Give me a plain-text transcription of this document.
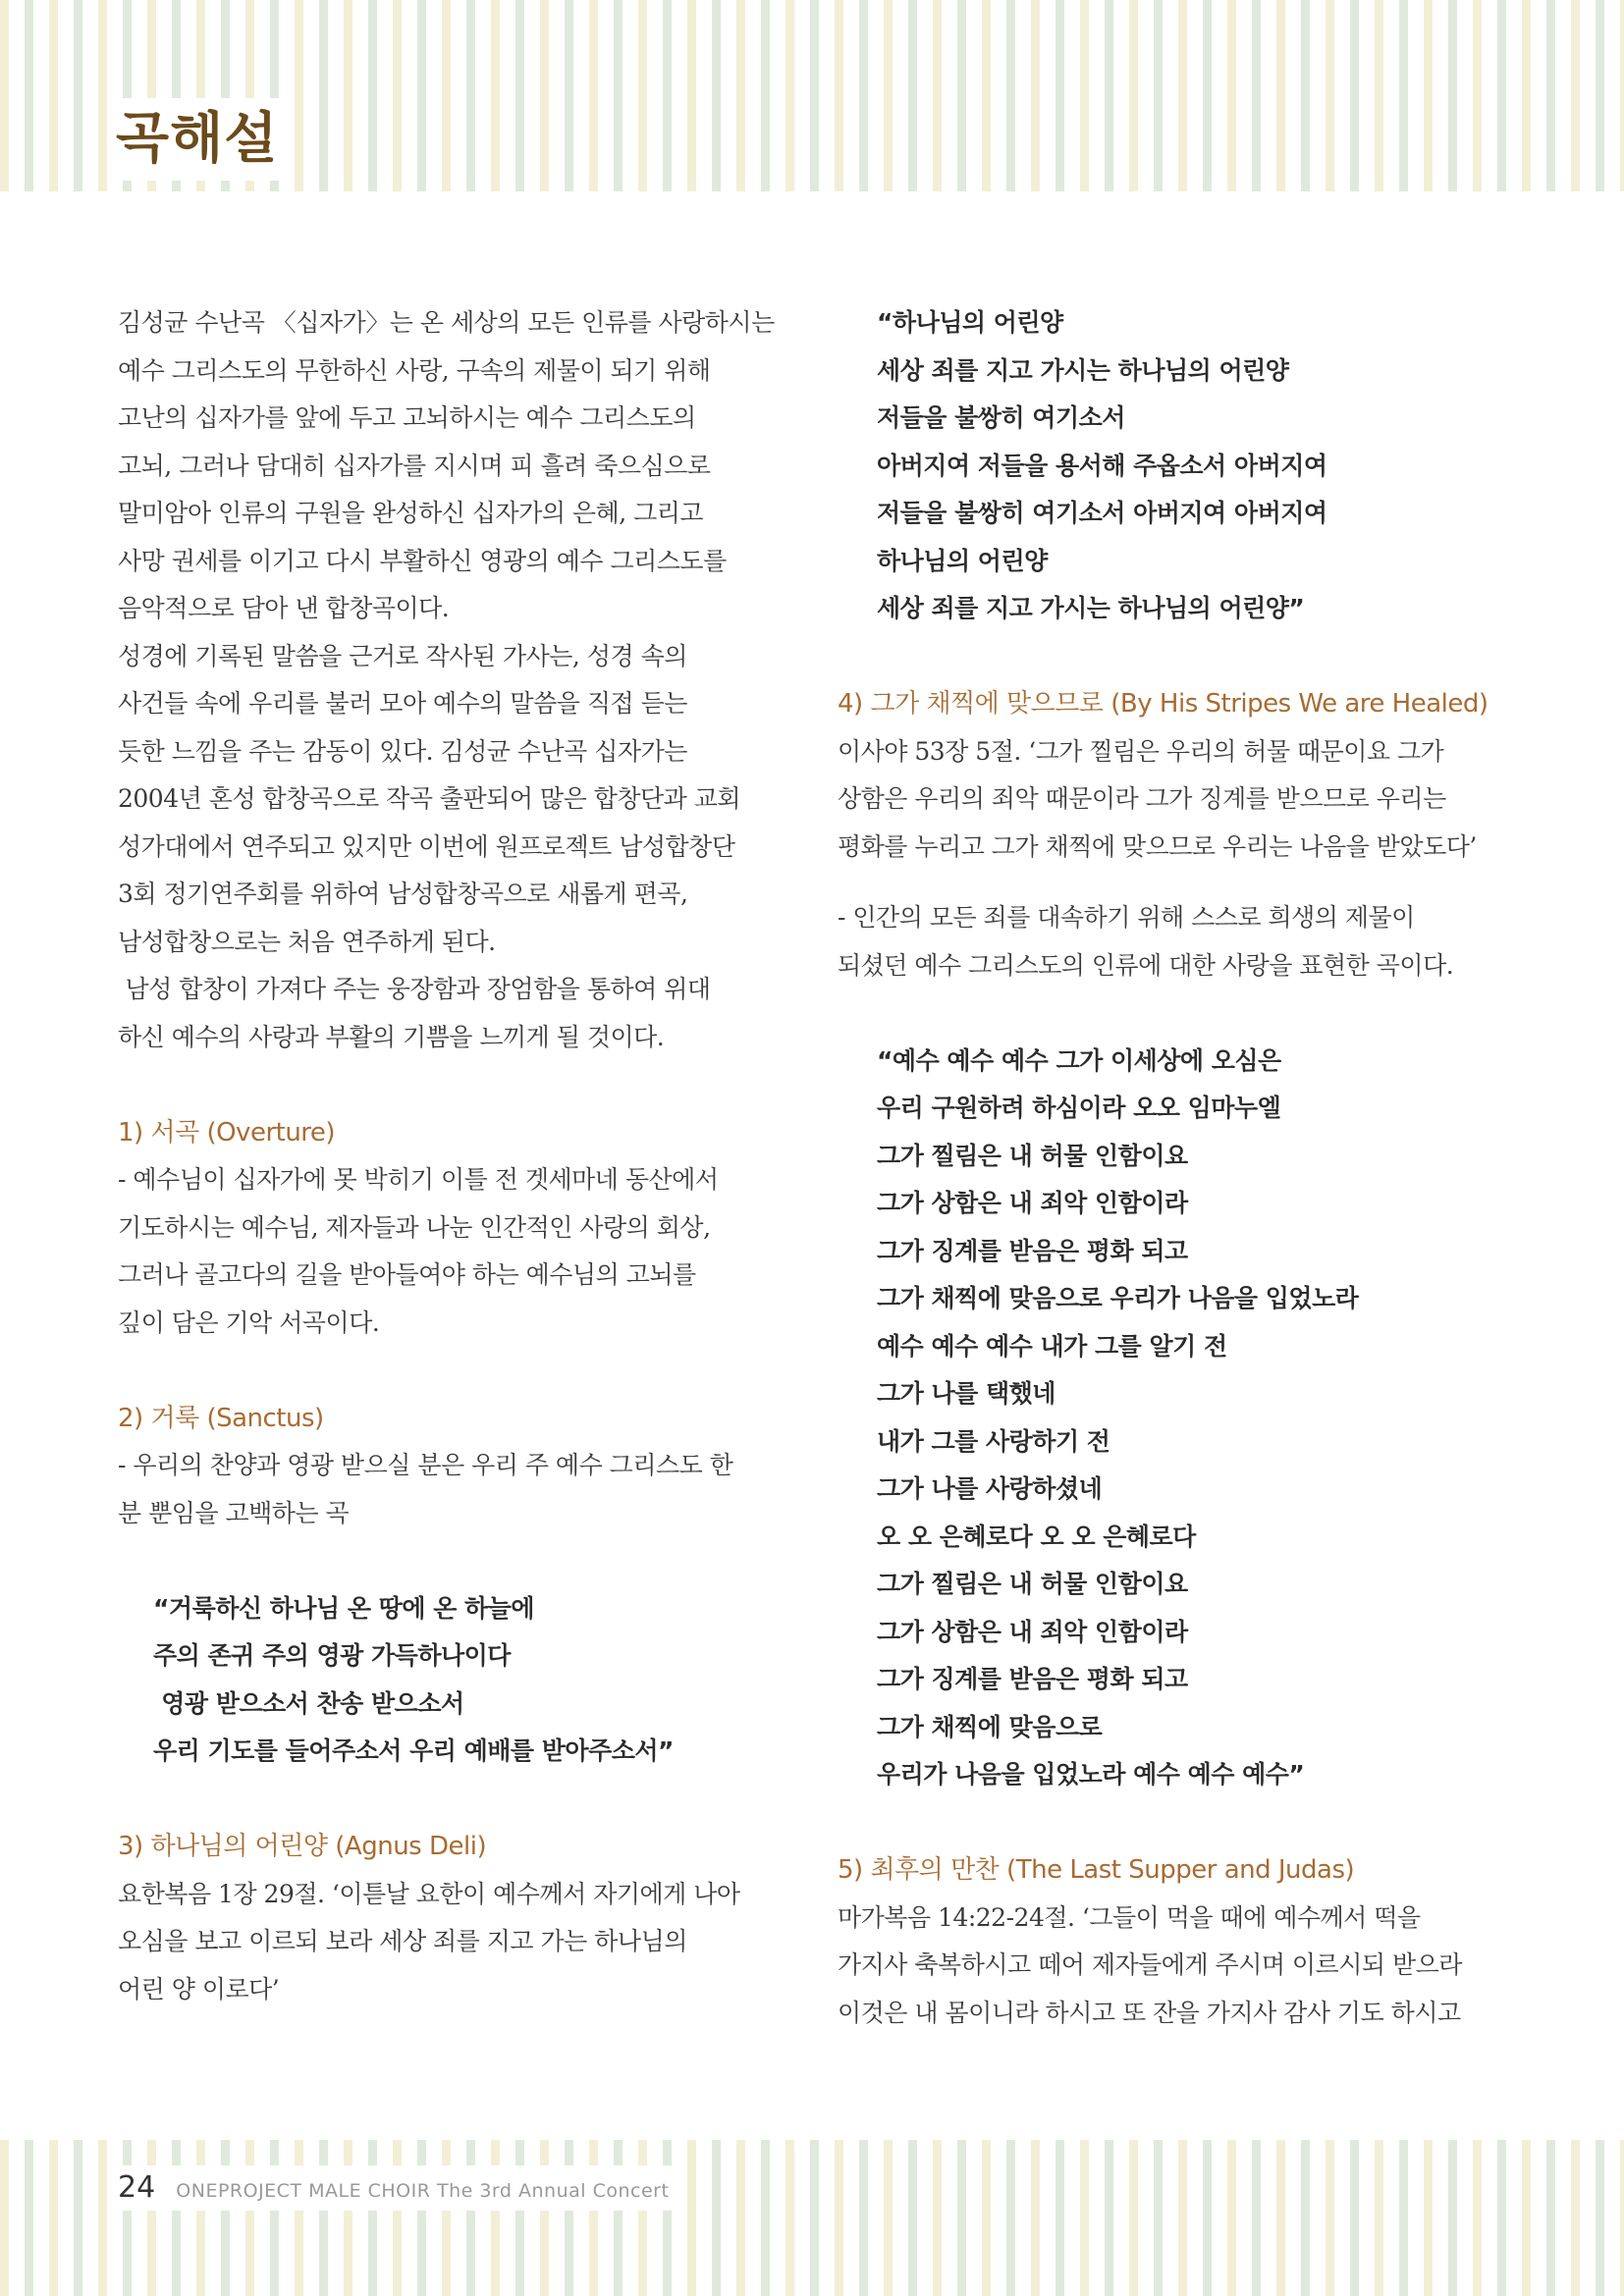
곡해설

김성균 수난곡 〈십자가〉는 온 세상의 모든 인류를 사랑하시는

예수 그리스도의 무한하신 사랑, 구속의 제물이 되기 위해

고난의 십자가를 앞에 두고 고뇌하시는 예수 그리스도의

고뇌, 그러나 담대히 십자가를 지시며 피 흘려 죽으심으로

말미암아 인류의 구원을 완성하신 십자가의 은혜, 그리고

사망 권세를 이기고 다시 부활하신 영광의 예수 그리스도를

음악적으로 담아 낸 합창곡이다.

성경에 기록된 말씀을 근거로 작사된 가사는, 성경 속의

사건들 속에 우리를 불러 모아 예수의 말씀을 직접 듣는

듯한 느낌을 주는 감동이 있다. 김성균 수난곡 십자가는

2004년 혼성 합창곡으로 작곡 출판되어 많은 합창단과 교회

성가대에서 연주되고 있지만 이번에 원프로젝트 남성합창단

3회 정기연주회를 위하여 남성합창곡으로 새롭게 편곡,

남성합창으로는 처음 연주하게 된다.

남성 합창이 가져다 주는 웅장함과 장엄함을 통하여 위대

하신 예수의 사랑과 부활의 기쁨을 느끼게 될 것이다.

1) 서곡 (Overture)

- 예수님이 십자가에 못 박히기 이틀 전 겟세마네 동산에서

기도하시는 예수님, 제자들과 나눈 인간적인 사랑의 회상,

그러나 골고다의 길을 받아들여야 하는 예수님의 고뇌를

깊이 담은 기악 서곡이다.

2) 거룩 (Sanctus)

- 우리의 찬양과 영광 받으실 분은 우리 주 예수 그리스도 한

분 뿐임을 고백하는 곡

“거룩하신 하나님 온 땅에 온 하늘에

주의 존귀 주의 영광 가득하나이다

영광 받으소서 찬송 받으소서

우리 기도를 들어주소서 우리 예배를 받아주소서”

3) 하나님의 어린양 (Agnus Deli)

요한복음 1장 29절. ‘이튿날 요한이 예수께서 자기에게 나아

오심을 보고 이르되 보라 세상 죄를 지고 가는 하나님의

어린 양 이로다’

“하나님의 어린양

세상 죄를 지고 가시는 하나님의 어린양

저들을 불쌍히 여기소서

아버지여 저들을 용서해 주옵소서 아버지여

저들을 불쌍히 여기소서 아버지여 아버지여

하나님의 어린양

세상 죄를 지고 가시는 하나님의 어린양”

4) 그가 채찍에 맞으므로 (By His Stripes We are Healed)

이사야 53장 5절. ‘그가 찔림은 우리의 허물 때문이요 그가

상함은 우리의 죄악 때문이라 그가 징계를 받으므로 우리는

평화를 누리고 그가 채찍에 맞으므로 우리는 나음을 받았도다’

- 인간의 모든 죄를 대속하기 위해 스스로 희생의 제물이

되셨던 예수 그리스도의 인류에 대한 사랑을 표현한 곡이다.

“예수 예수 예수 그가 이세상에 오심은

우리 구원하려 하심이라 오오 임마누엘

그가 찔림은 내 허물 인함이요

그가 상함은 내 죄악 인함이라

그가 징계를 받음은 평화 되고

그가 채찍에 맞음으로 우리가 나음을 입었노라

예수 예수 예수 내가 그를 알기 전

그가 나를 택했네

내가 그를 사랑하기 전

그가 나를 사랑하셨네

오 오 은혜로다 오 오 은혜로다

그가 찔림은 내 허물 인함이요

그가 상함은 내 죄악 인함이라

그가 징계를 받음은 평화 되고

그가 채찍에 맞음으로

우리가 나음을 입었노라 예수 예수 예수”

5) 최후의 만찬 (The Last Supper and Judas)

마가복음 14:22-24절. ‘그들이 먹을 때에 예수께서 떡을

가지사 축복하시고 떼어 제자들에게 주시며 이르시되 받으라

이것은 내 몸이니라 하시고 또 잔을 가지사 감사 기도 하시고

24 ONEPROJECT MALE CHOIR The 3rd Annual Concert
